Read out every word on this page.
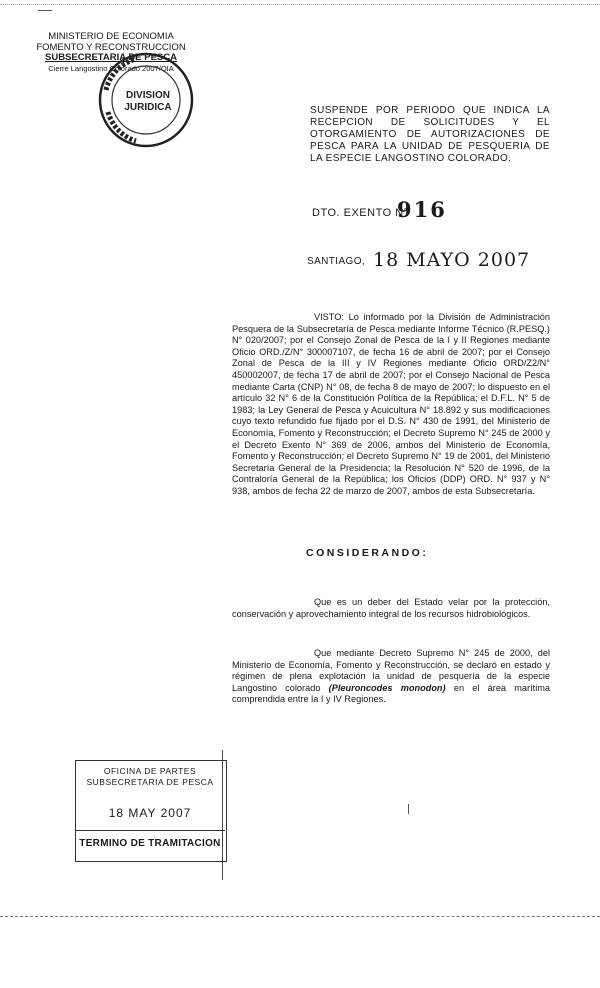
MINISTERIO DE ECONOMIA
FOMENTO Y RECONSTRUCCION
SUBSECRETARIA DE PESCA
Cierre Langostino Colorado 2007/OIA
DIVISION
JURIDICA	SUSPENDE POR PERIODO QUE INDICA LA RECEPCION DE SOLICITUDES Y EL OTORGAMIENTO DE AUTORIZACIONES DE PESCA PARA LA UNIDAD DE PESQUERIA DE LA ESPECIE LANGOSTINO COLORADO.
DTO. EXENTO N°
916
SANTIAGO, 18 MAYO 2007
VISTO: Lo informado por la División de Administración Pesquera de la Subsecretaría de Pesca mediante Informe Técnico (R.PESQ.) N° 020/2007; por el Consejo Zonal de Pesca de la I y II Regiones mediante Oficio ORD./Z/N° 300007107, de fecha 16 de abril de 2007; por el Consejo Zonal de Pesca de la III y IV Regiones mediante Oficio ORD/Z2/N° 450002007, de fecha 17 de abril de 2007; por el Consejo Nacional de Pesca mediante Carta (CNP) N° 08, de fecha 8 de mayo de 2007; lo dispuesto en el artículo 32 N° 6 de la Constitución Política de la República; el D.F.L. N° 5 de 1983; la Ley General de Pesca y Acuicultura N° 18.892 y sus modificaciones cuyo texto refundido fue fijado por el D.S. N° 430 de 1991, del Ministerio de Economía, Fomento y Reconstrucción; el Decreto Supremo N° 245 de 2000 y el Decreto Exento N° 369 de 2006, ambos del Ministerio de Economía, Fomento y Reconstrucción; el Decreto Supremo N° 19 de 2001, del Ministerio Secretaría General de la Presidencia; la Resolución N° 520 de 1996, de la Contraloría General de la República; los Oficios (DDP) ORD. N° 937 y N° 938, ambos de fecha 22 de marzo de 2007, ambos de esta Subsecretaría.
CONSIDERANDO:
Que es un deber del Estado velar por la protección, conservación y aprovechamiento integral de los recursos hidrobiológicos.
Que mediante Decreto Supremo N° 245 de 2000, del Ministerio de Economía, Fomento y Reconstrucción, se declaró en estado y régimen de plena explotación la unidad de pesquería de la especie Langostino colorado (Pleuroncodes monodon) en el área marítima comprendida entre la I y IV Regiones.
OFICINA DE PARTES
SUBSECRETARIA DE PESCA
18 MAY 2007
TERMINO DE TRAMITACION
